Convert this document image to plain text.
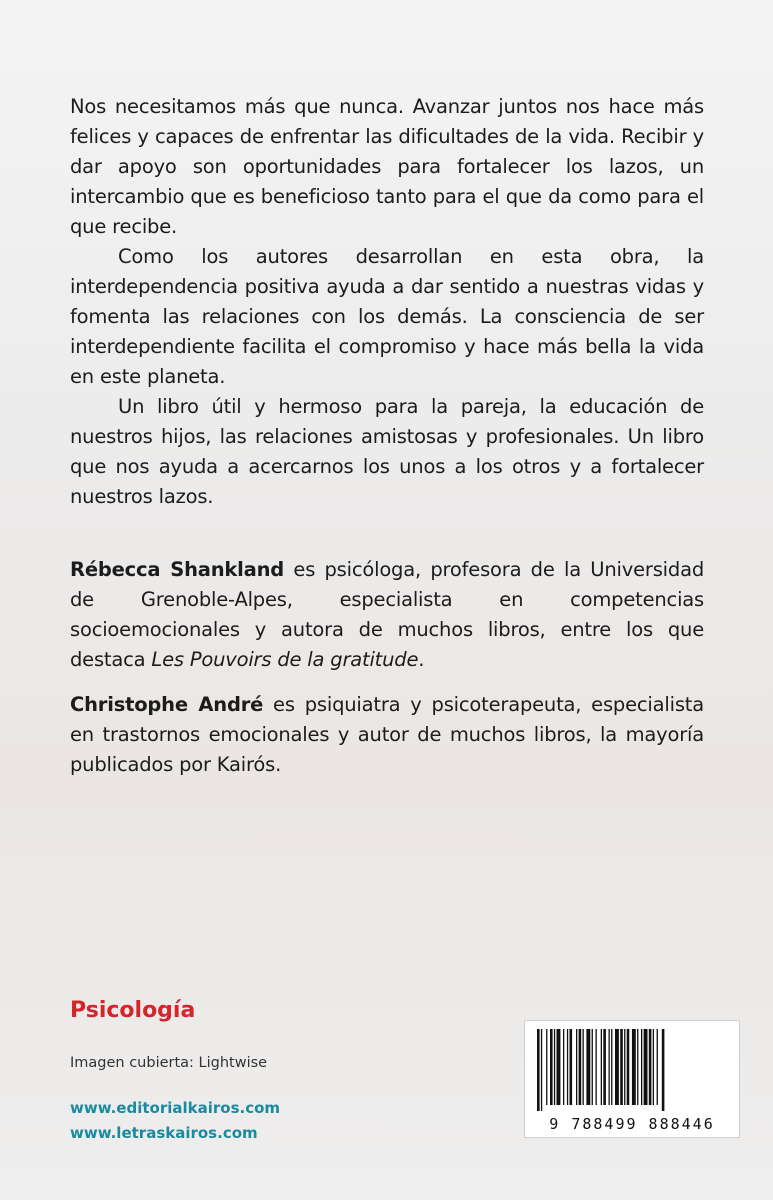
Nos necesitamos más que nunca. Avanzar juntos nos hace más felices y capaces de enfrentar las dificultades de la vida. Recibir y dar apoyo son oportunidades para fortalecer los lazos, un intercambio que es beneficioso tanto para el que da como para el que recibe.

Como los autores desarrollan en esta obra, la interdependencia positiva ayuda a dar sentido a nuestras vidas y fomenta las relaciones con los demás. La consciencia de ser interdependiente facilita el compromiso y hace más bella la vida en este planeta.

Un libro útil y hermoso para la pareja, la educación de nuestros hijos, las relaciones amistosas y profesionales. Un libro que nos ayuda a acercarnos los unos a los otros y a fortalecer nuestros lazos.

Rébecca Shankland es psicóloga, profesora de la Universidad de Grenoble-Alpes, especialista en competencias socioemocionales y autora de muchos libros, entre los que destaca Les Pouvoirs de la gratitude.

Christophe André es psiquiatra y psicoterapeuta, especialista en trastornos emocionales y autor de muchos libros, la mayoría publicados por Kairós.

Psicología
Imagen cubierta: Lightwise
www.editorialkairos.com
www.letraskairos.com	9 788499 888446
